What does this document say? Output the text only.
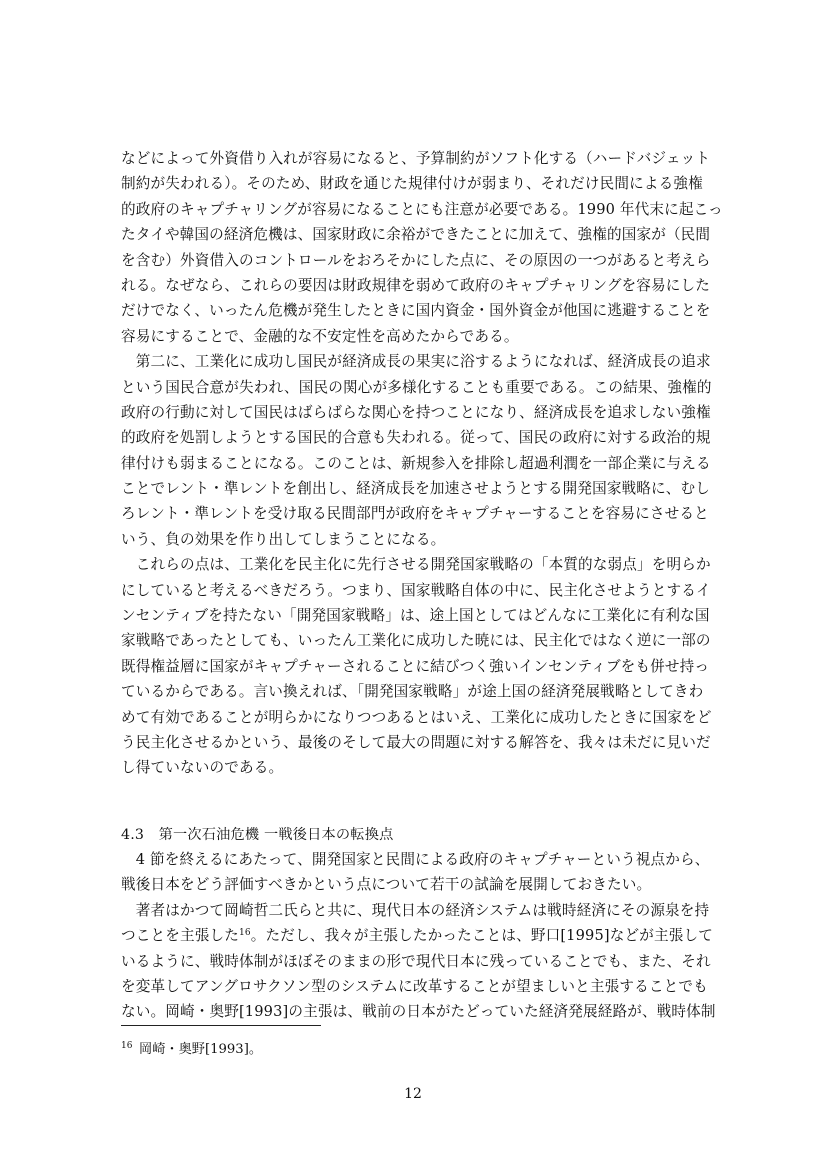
などによって外資借り入れが容易になると、予算制約がソフト化する（ハードバジェット
制約が失われる）。そのため、財政を通じた規律付けが弱まり、それだけ民間による強権
的政府のキャプチャリングが容易になることにも注意が必要である。1990 年代末に起こっ
たタイや韓国の経済危機は、国家財政に余裕ができたことに加えて、強権的国家が（民間
を含む）外資借入のコントロールをおろそかにした点に、その原因の一つがあると考えら
れる。なぜなら、これらの要因は財政規律を弱めて政府のキャプチャリングを容易にした
だけでなく、いったん危機が発生したときに国内資金・国外資金が他国に逃避することを
容易にすることで、金融的な不安定性を高めたからである。
　第二に、工業化に成功し国民が経済成長の果実に浴するようになれば、経済成長の追求
という国民合意が失われ、国民の関心が多様化することも重要である。この結果、強権的
政府の行動に対して国民はばらばらな関心を持つことになり、経済成長を追求しない強権
的政府を処罰しようとする国民的合意も失われる。従って、国民の政府に対する政治的規
律付けも弱まることになる。このことは、新規参入を排除し超過利潤を一部企業に与える
ことでレント・準レントを創出し、経済成長を加速させようとする開発国家戦略に、むし
ろレント・準レントを受け取る民間部門が政府をキャプチャーすることを容易にさせると
いう、負の効果を作り出してしまうことになる。
　これらの点は、工業化を民主化に先行させる開発国家戦略の「本質的な弱点」を明らか
にしていると考えるべきだろう。つまり、国家戦略自体の中に、民主化させようとするイ
ンセンティブを持たない「開発国家戦略」は、途上国としてはどんなに工業化に有利な国
家戦略であったとしても、いったん工業化に成功した暁には、民主化ではなく逆に一部の
既得権益層に国家がキャプチャーされることに結びつく強いインセンティブをも併せ持っ
ているからである。言い換えれば、「開発国家戦略」が途上国の経済発展戦略としてきわ
めて有効であることが明らかになりつつあるとはいえ、工業化に成功したときに国家をど
う民主化させるかという、最後のそして最大の問題に対する解答を、我々は未だに見いだ
し得ていないのである。
4.3  第一次石油危機 一戦後日本の転換点
　4 節を終えるにあたって、開発国家と民間による政府のキャプチャーという視点から、
戦後日本をどう評価すべきかという点について若干の試論を展開しておきたい。
　著者はかつて岡崎哲二氏らと共に、現代日本の経済システムは戦時経済にその源泉を持
つことを主張した$^{16}$。ただし、我々が主張したかったことは、野口[1995]などが主張して
いるように、戦時体制がほぼそのままの形で現代日本に残っていることでも、また、それ
を変革してアングロサクソン型のシステムに改革することが望ましいと主張することでも
ない。岡崎・奥野[1993]の主張は、戦前の日本がたどっていた経済発展経路が、戦時体制
$^{16}$  岡崎・奥野[1993]。
12
